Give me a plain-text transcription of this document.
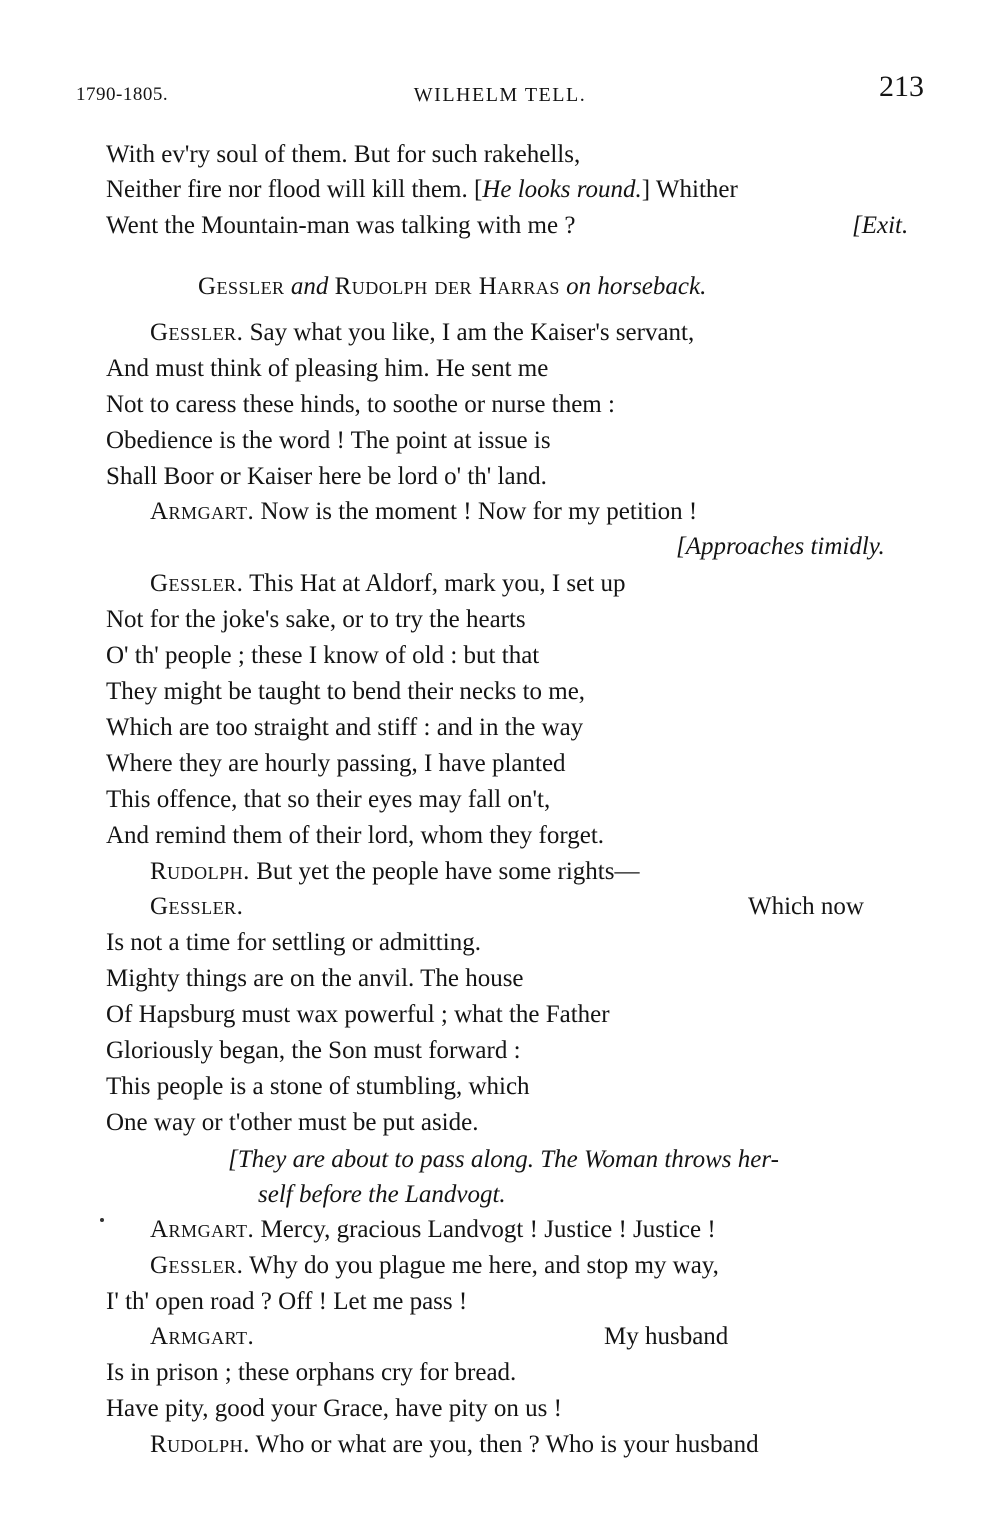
1790-1805.	WILHELM TELL.	213
With ev'ry soul of them. But for such rakehells,
Neither fire nor flood will kill them. [He looks round.] Whither
Went the Mountain-man was talking with me ?	[Exit.
Gessler and Rudolph der Harras on horseback.
Gessler. Say what you like, I am the Kaiser's servant,
And must think of pleasing him. He sent me
Not to caress these hinds, to soothe or nurse them :
Obedience is the word ! The point at issue is
Shall Boor or Kaiser here be lord o' th' land.
Armgart. Now is the moment ! Now for my petition !
[Approaches timidly.
Gessler. This Hat at Aldorf, mark you, I set up
Not for the joke's sake, or to try the hearts
O' th' people ; these I know of old : but that
They might be taught to bend their necks to me,
Which are too straight and stiff : and in the way
Where they are hourly passing, I have planted
This offence, that so their eyes may fall on't,
And remind them of their lord, whom they forget.
Rudolph. But yet the people have some rights—
Gessler.	Which now
Is not a time for settling or admitting.
Mighty things are on the anvil. The house
Of Hapsburg must wax powerful ; what the Father
Gloriously began, the Son must forward :
This people is a stone of stumbling, which
One way or t'other must be put aside.
[They are about to pass along. The Woman throws her-
self before the Landvogt.
Armgart. Mercy, gracious Landvogt ! Justice ! Justice !
Gessler. Why do you plague me here, and stop my way,
I' th' open road ? Off ! Let me pass !
Armgart.	My husband
Is in prison ; these orphans cry for bread.
Have pity, good your Grace, have pity on us !
Rudolph. Who or what are you, then ? Who is your husband
